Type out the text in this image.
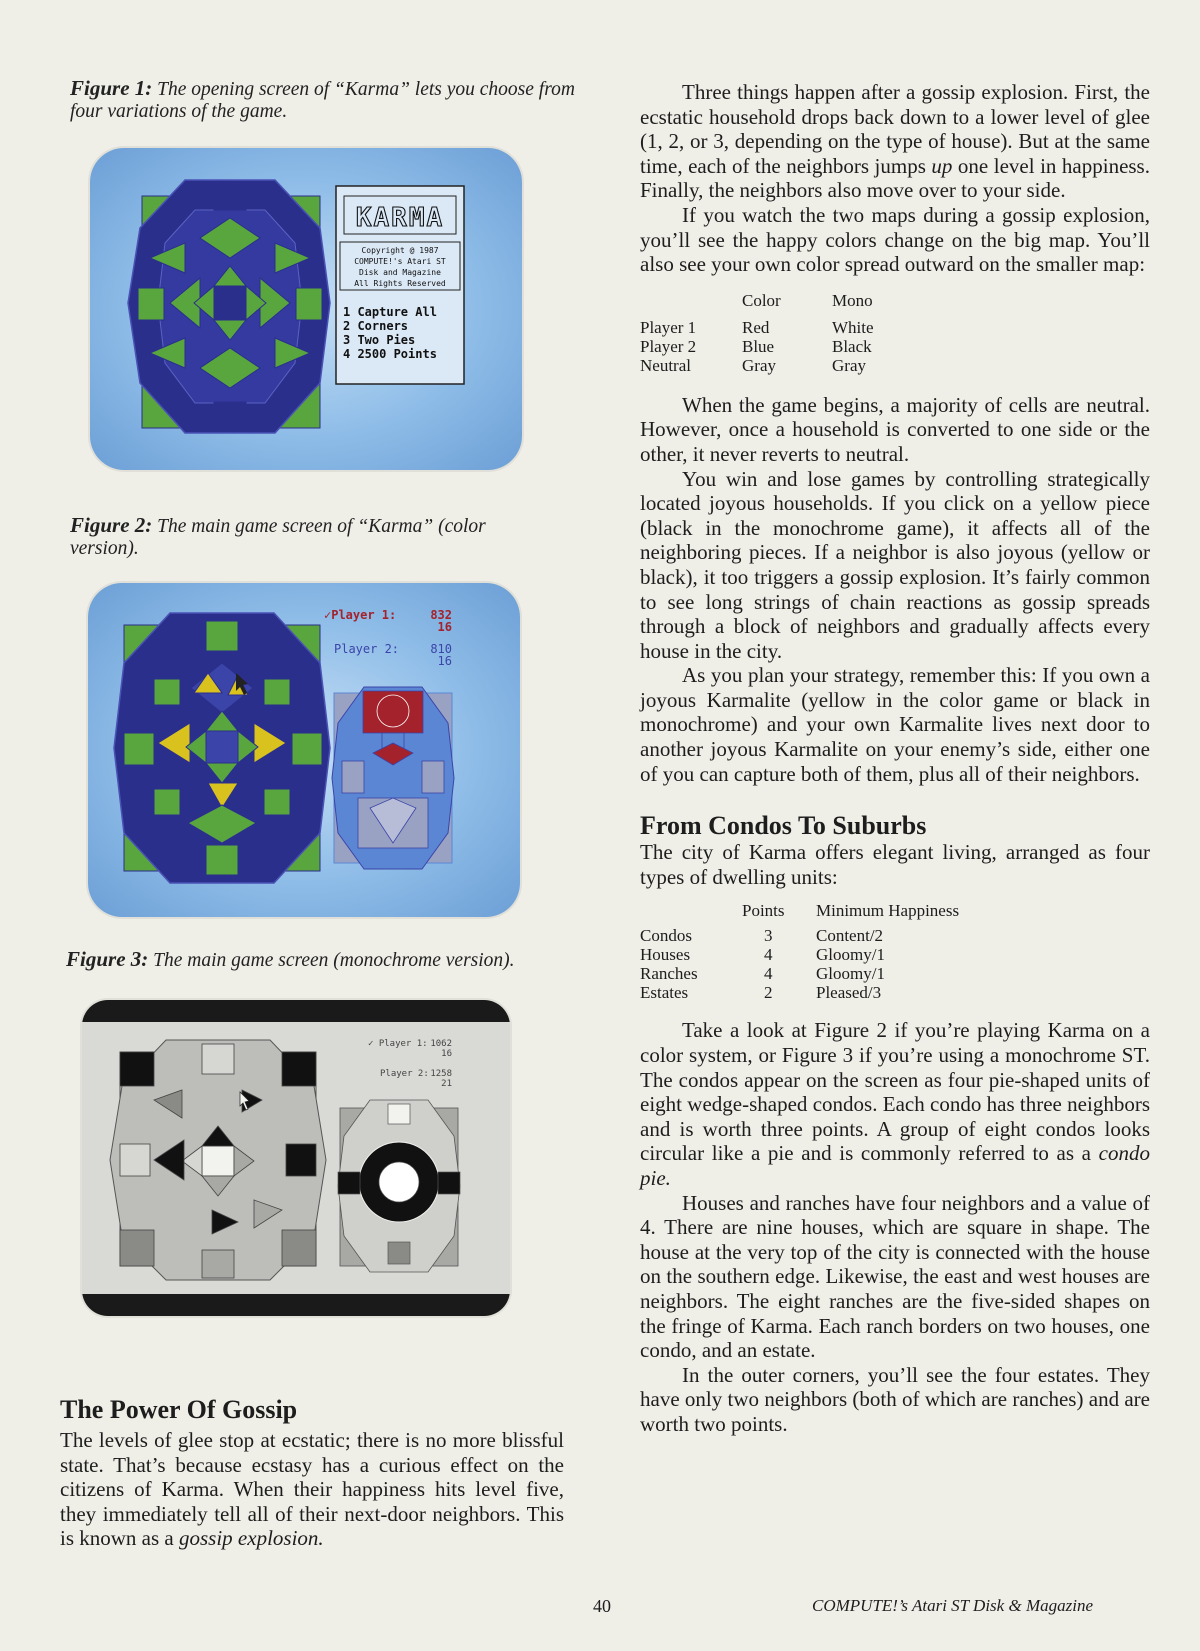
Figure 1: The opening screen of “Karma” lets you choose from four variations of the game.

KARMA
Copyright @ 1987
COMPUTE!'s Atari ST
Disk and Magazine
All Rights Reserved
1 Capture All
2 Corners
3 Two Pies
4 2500 Points

Figure 2: The main game screen of “Karma” (color version).

✓Player 1:	832
16
Player 2:	810
16

Figure 3: The main game screen (monochrome version).

✓ Player 1: 1062
16
Player 2: 1258
21
The Power Of Gossip

The levels of glee stop at ecstatic; there is no more blissful state. That’s because ecstasy has a curious effect on the citizens of Karma. When their happiness hits level five, they immediately tell all of their next-door neighbors. This is known as a gossip explosion.

Three things happen after a gossip explosion. First, the ecstatic household drops back down to a lower level of glee (1, 2, or 3, depending on the type of house). But at the same time, each of the neighbors jumps up one level in happiness. Finally, the neighbors also move over to your side.

If you watch the two maps during a gossip explosion, you’ll see the happy colors change on the big map. You’ll also see your own color spread outward on the smaller map:

	Color	Mono

Player 1	Red	White
Player 2	Blue	Black
Neutral	Gray	Gray

When the game begins, a majority of cells are neutral. However, once a household is converted to one side or the other, it never reverts to neutral.

You win and lose games by controlling strategically located joyous households. If you click on a yellow piece (black in the monochrome game), it affects all of the neighboring pieces. If a neighbor is also joyous (yellow or black), it too triggers a gossip explosion. It’s fairly common to see long strings of chain reactions as gossip spreads through a block of neighbors and gradually affects every house in the city.

As you plan your strategy, remember this: If you own a joyous Karmalite (yellow in the color game or black in monochrome) and your own Karmalite lives next door to another joyous Karmalite on your enemy’s side, either one of you can capture both of them, plus all of their neighbors.

From Condos To Suburbs

The city of Karma offers elegant living, arranged as four types of dwelling units:

	Points	Minimum Happiness

Condos	3	Content/2
Houses	4	Gloomy/1
Ranches	4	Gloomy/1
Estates	2	Pleased/3

Take a look at Figure 2 if you’re playing Karma on a color system, or Figure 3 if you’re using a monochrome ST. The condos appear on the screen as four pie-shaped units of eight wedge-shaped condos. Each condo has three neighbors and is worth three points. A group of eight condos looks circular like a pie and is commonly referred to as a condo pie.

Houses and ranches have four neighbors and a value of 4. There are nine houses, which are square in shape. The house at the very top of the city is connected with the house on the southern edge. Likewise, the east and west houses are neighbors. The eight ranches are the five-sided shapes on the fringe of Karma. Each ranch borders on two houses, one condo, and an estate.

In the outer corners, you’ll see the four estates. They have only two neighbors (both of which are ranches) and are worth two points.

40	COMPUTE!’s Atari ST Disk & Magazine
